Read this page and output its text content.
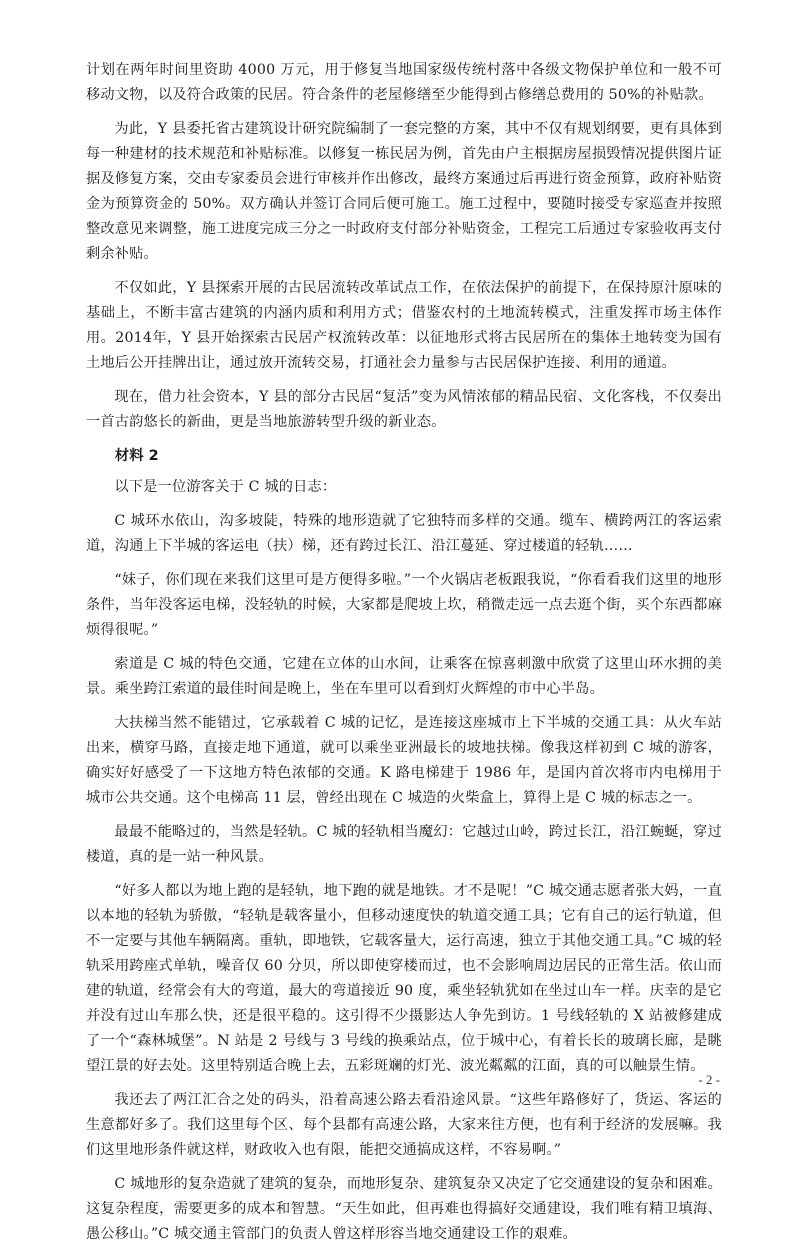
计划在两年时间里资助 4000 万元，用于修复当地国家级传统村落中各级文物保护单位和一般不可移动文物，以及符合政策的民居。符合条件的老屋修缮至少能得到占修缮总费用的 50%的补贴款。

为此，Y 县委托省古建筑设计研究院编制了一套完整的方案，其中不仅有规划纲要，更有具体到每一种建材的技术规范和补贴标准。以修复一栋民居为例，首先由户主根据房屋损毁情况提供图片证据及修复方案，交由专家委员会进行审核并作出修改，最终方案通过后再进行资金预算，政府补贴资金为预算资金的 50%。双方确认并签订合同后便可施工。施工过程中，要随时接受专家巡查并按照整改意见来调整，施工进度完成三分之一时政府支付部分补贴资金，工程完工后通过专家验收再支付剩余补贴。

不仅如此，Y 县探索开展的古民居流转改革试点工作，在依法保护的前提下，在保持原汁原味的基础上，不断丰富古建筑的内涵内质和利用方式；借鉴农村的土地流转模式，注重发挥市场主体作用。2014年，Y 县开始探索古民居产权流转改革：以征地形式将古民居所在的集体土地转变为国有土地后公开挂牌出让，通过放开流转交易，打通社会力量参与古民居保护连接、利用的通道。

现在，借力社会资本，Y 县的部分古民居“复活”变为风情浓郁的精品民宿、文化客栈，不仅奏出一首古韵悠长的新曲，更是当地旅游转型升级的新业态。

材料 2

以下是一位游客关于 C 城的日志：

C 城环水依山，沟多坡陡，特殊的地形造就了它独特而多样的交通。缆车、横跨两江的客运索道，沟通上下半城的客运电（扶）梯，还有跨过长江、沿江蔓延、穿过楼道的轻轨……

“妹子，你们现在来我们这里可是方便得多啦。”一个火锅店老板跟我说，“你看看我们这里的地形条件，当年没客运电梯，没轻轨的时候，大家都是爬坡上坎，稍微走远一点去逛个街，买个东西都麻烦得很呢。”

索道是 C 城的特色交通，它建在立体的山水间，让乘客在惊喜刺激中欣赏了这里山环水拥的美景。乘坐跨江索道的最佳时间是晚上，坐在车里可以看到灯火辉煌的市中心半岛。

大扶梯当然不能错过，它承载着 C 城的记忆，是连接这座城市上下半城的交通工具：从火车站出来，横穿马路，直接走地下通道，就可以乘坐亚洲最长的坡地扶梯。像我这样初到 C 城的游客，确实好好感受了一下这地方特色浓郁的交通。K 路电梯建于 1986 年，是国内首次将市内电梯用于城市公共交通。这个电梯高 11 层，曾经出现在 C 城造的火柴盒上，算得上是 C 城的标志之一。

最最不能略过的，当然是轻轨。C 城的轻轨相当魔幻：它越过山岭，跨过长江，沿江蜿蜒，穿过楼道，真的是一站一种风景。

“好多人都以为地上跑的是轻轨，地下跑的就是地铁。才不是呢！”C 城交通志愿者张大妈，一直以本地的轻轨为骄傲，“轻轨是载客量小，但移动速度快的轨道交通工具；它有自己的运行轨道，但不一定要与其他车辆隔离。重轨，即地铁，它载客量大，运行高速，独立于其他交通工具。”C 城的轻轨采用跨座式单轨，噪音仅 60 分贝，所以即使穿楼而过，也不会影响周边居民的正常生活。依山而建的轨道，经常会有大的弯道，最大的弯道接近 90 度，乘坐轻轨犹如在坐过山车一样。庆幸的是它并没有过山车那么快，还是很平稳的。这引得不少摄影达人争先到访。1 号线轻轨的 X 站被修建成了一个“森林城堡”。N 站是 2 号线与 3 号线的换乘站点，位于城中心，有着长长的玻璃长廊，是眺望江景的好去处。这里特别适合晚上去，五彩斑斓的灯光、波光粼粼的江面，真的可以触景生情。

我还去了两江汇合之处的码头，沿着高速公路去看沿途风景。“这些年路修好了，货运、客运的生意都好多了。我们这里每个区、每个县都有高速公路，大家来往方便，也有利于经济的发展嘛。我们这里地形条件就这样，财政收入也有限，能把交通搞成这样，不容易啊。”

C 城地形的复杂造就了建筑的复杂，而地形复杂、建筑复杂又决定了它交通建设的复杂和困难。这复杂程度，需要更多的成本和智慧。“天生如此，但再难也得搞好交通建设，我们唯有精卫填海、愚公移山。”C 城交通主管部门的负责人曾这样形容当地交通建设工作的艰难。

- 2 -
